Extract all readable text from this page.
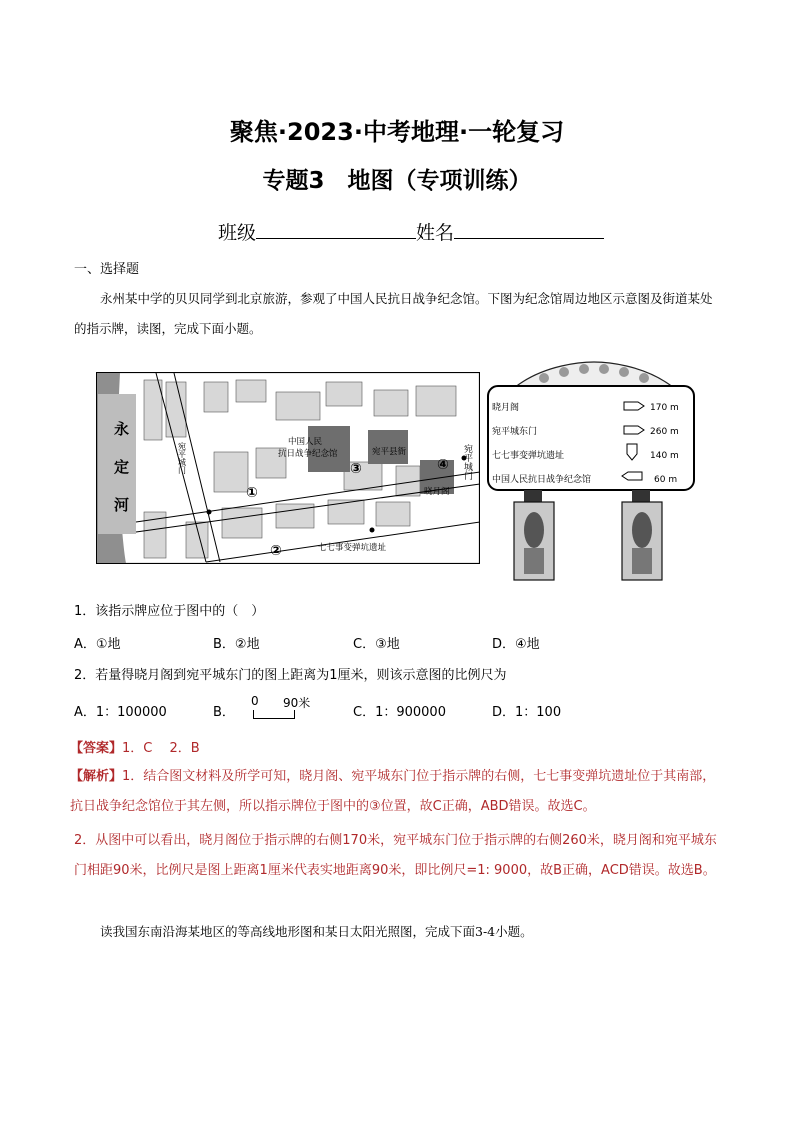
聚焦·2023·中考地理·一轮复习
专题3　地图（专项训练）
班级	姓名
一、选择题
永州某中学的贝贝同学到北京旅游，参观了中国人民抗日战争纪念馆。下图为纪念馆周边地区示意图及街道某处的指示牌，读图，完成下面小题。
永
定
河
中国人民
抗日战争纪念馆	宛平县衙
晓月阁
七七事变弹坑遗址
宛平城门	宛平城门
①
②
③	④
晓月阁	170 m
宛平城东门	260 m
七七事变弹坑遗址	140 m
中国人民抗日战争纪念馆	60 m
1．该指示牌应位于图中的（　）
A．①地	B．②地	C．③地	D．④地
2．若量得晓月阁到宛平城东门的图上距离为1厘米，则该示意图的比例尺为
A．1：100000	B．
0 90米
C．1：900000	D．1：100
【答案】1．C　 2．B
【解析】1．结合图文材料及所学可知，晓月阁、宛平城东门位于指示牌的右侧，七七事变弹坑遗址位于其南部，抗日战争纪念馆位于其左侧，所以指示牌位于图中的③位置，故C正确，ABD错误。故选C。
2．从图中可以看出，晓月阁位于指示牌的右侧170米，宛平城东门位于指示牌的右侧260米，晓月阁和宛平城东门相距90米，比例尺是图上距离1厘米代表实地距离90米，即比例尺=1: 9000，故B正确，ACD错误。故选B。
读我国东南沿海某地区的等高线地形图和某日太阳光照图，完成下面3-4小题。
